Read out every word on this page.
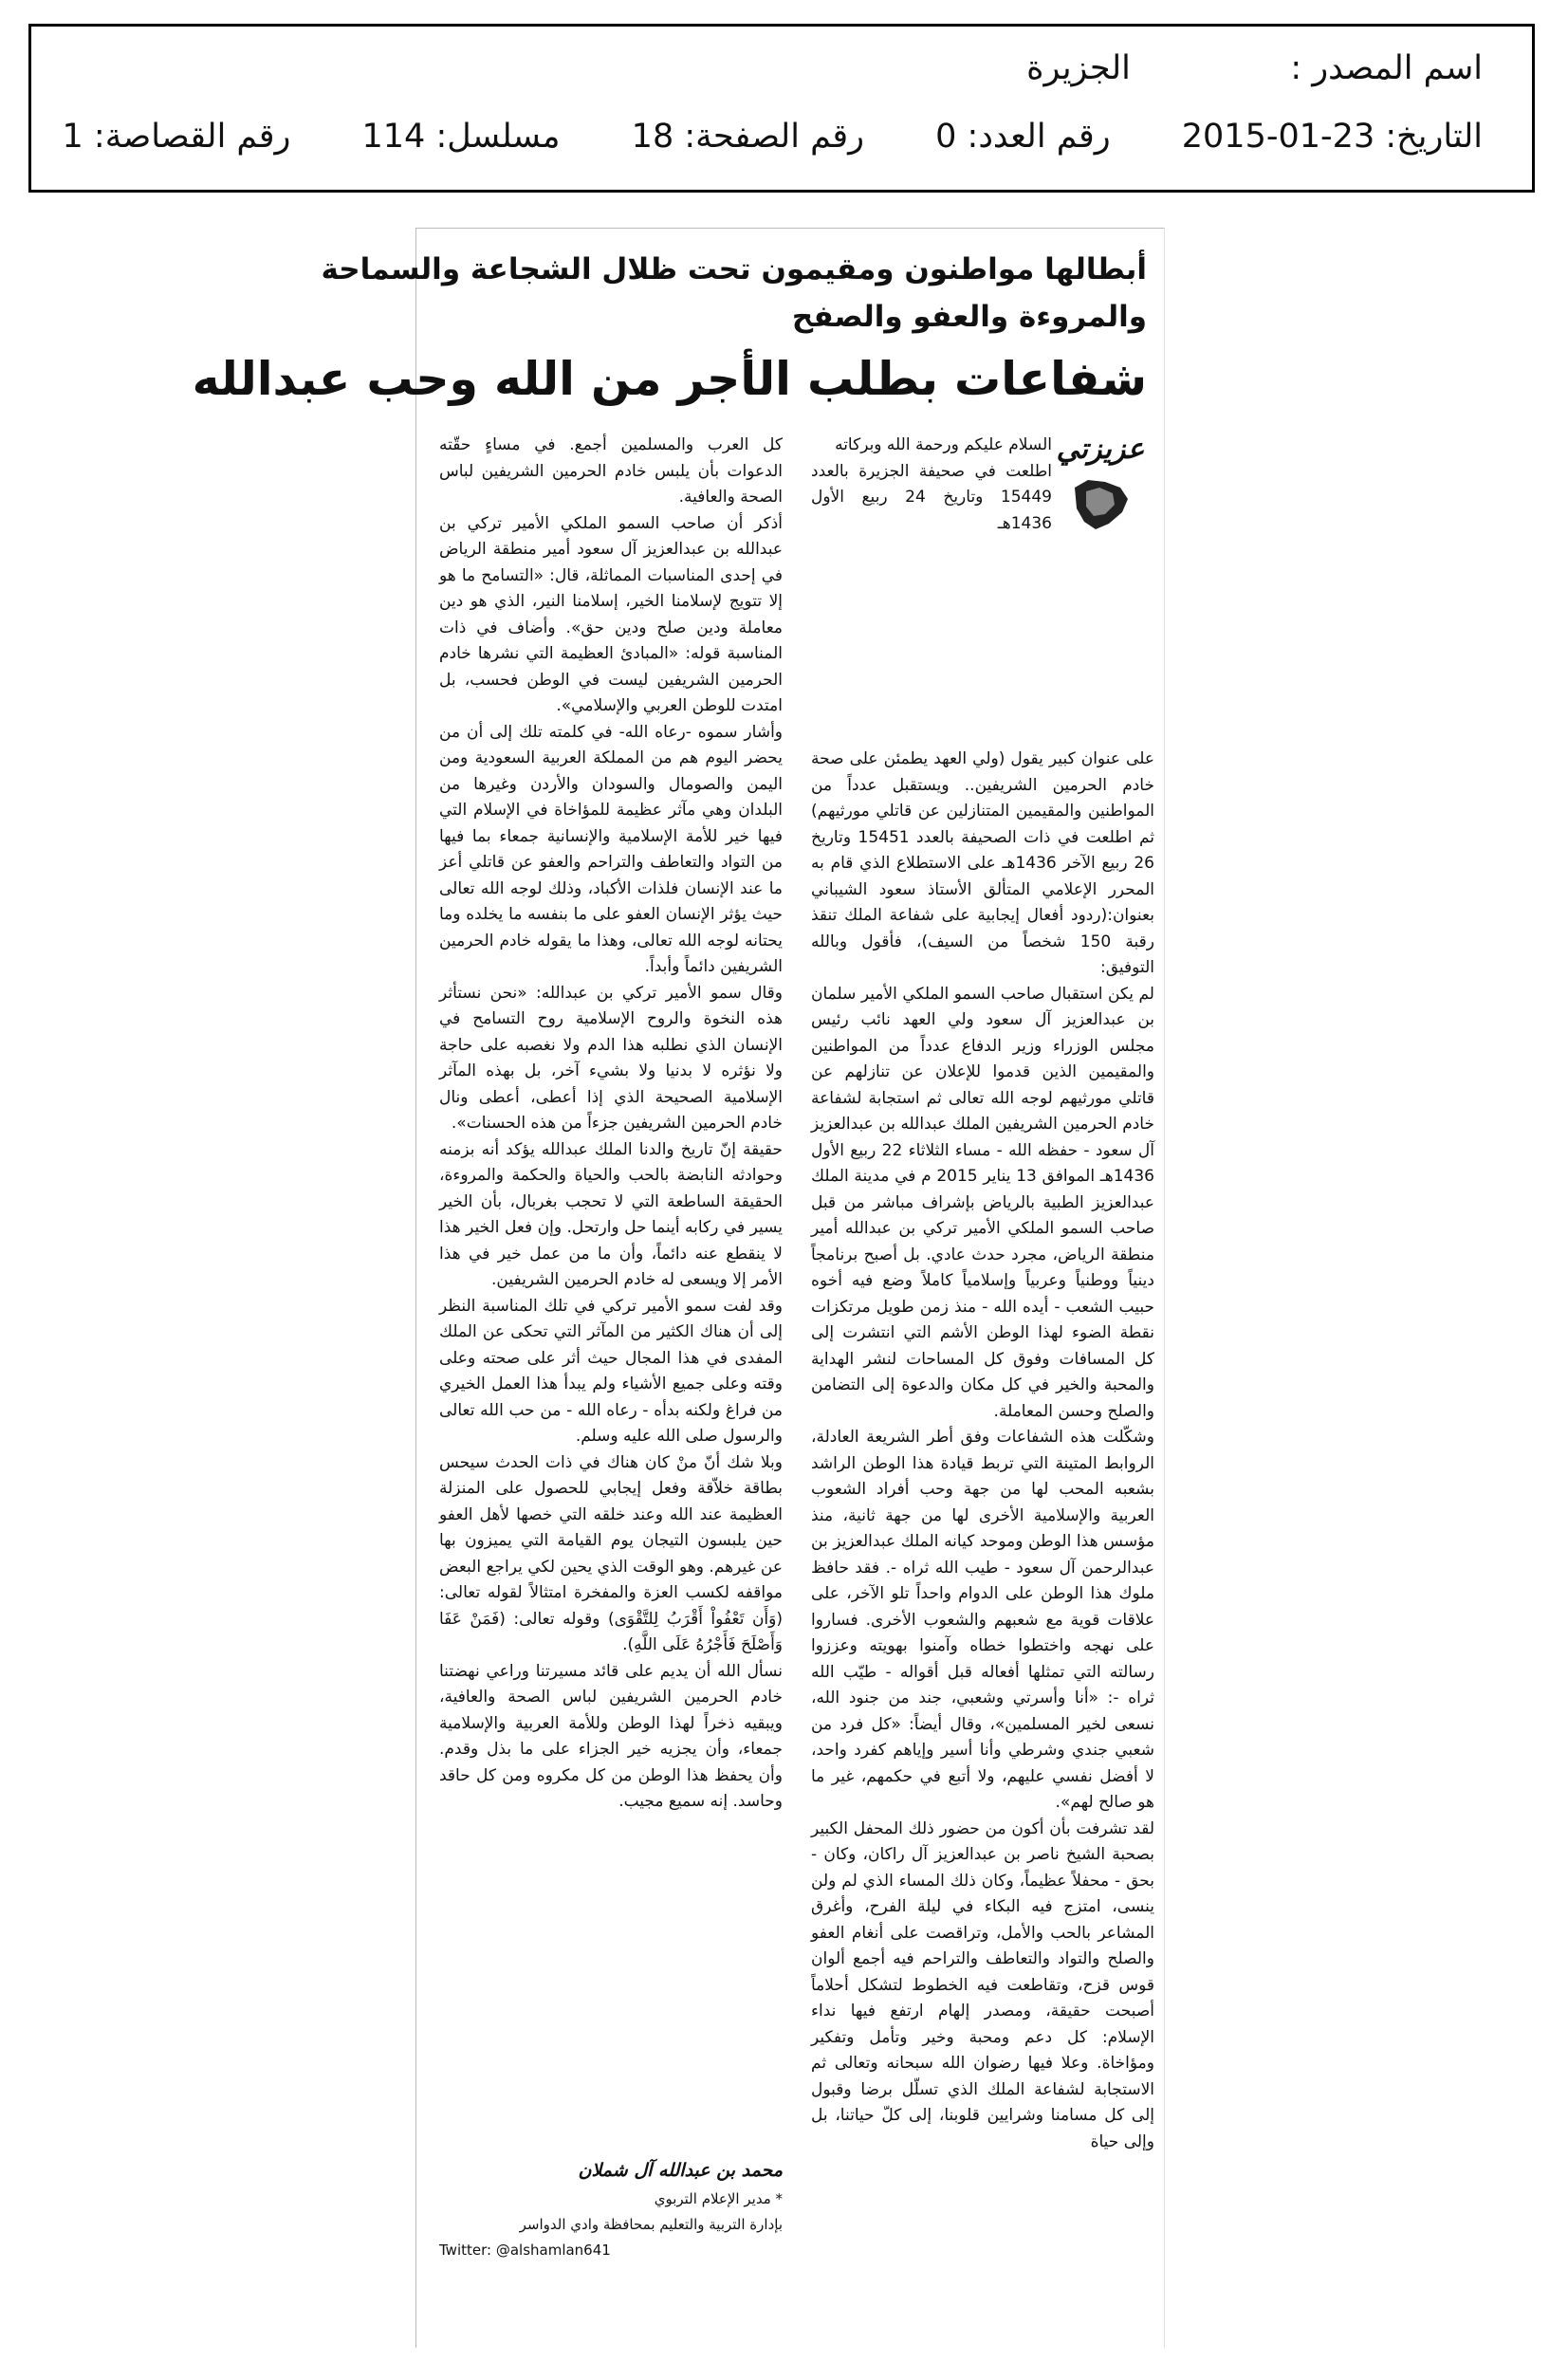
اسم المصدر : الجزيرة
التاريخ: 23-01-2015 رقم العدد: 0 رقم الصفحة: 18 مسلسل: 114 رقم القصاصة: 1
أبطالها مواطنون ومقيمون تحت ظلال الشجاعة والسماحة
والمروءة والعفو والصفح
شفاعات بطلب الأجر من الله وحب عبدالله
عزيزتي

السلام عليكم ورحمة الله وبركاته

اطلعت في صحيفة الجزيرة بالعدد 15449 وتاريخ 24 ربيع الأول 1436هـ

على عنوان كبير يقول (ولي العهد يطمئن على صحة خادم الحرمين الشريفين.. ويستقبل عدداً من المواطنين والمقيمين المتنازلين عن قاتلي مورثيهم) ثم اطلعت في ذات الصحيفة بالعدد 15451 وتاريخ 26 ربيع الآخر 1436هـ على الاستطلاع الذي قام به المحرر الإعلامي المتألق الأستاذ سعود الشيباني بعنوان:(ردود أفعال إيجابية على شفاعة الملك تنقذ رقبة 150 شخصاً من السيف)، فأقول وبالله التوفيق:

لم يكن استقبال صاحب السمو الملكي الأمير سلمان بن عبدالعزيز آل سعود ولي العهد نائب رئيس مجلس الوزراء وزير الدفاع عدداً من المواطنين والمقيمين الذين قدموا للإعلان عن تنازلهم عن قاتلي مورثيهم لوجه الله تعالى ثم استجابة لشفاعة خادم الحرمين الشريفين الملك عبدالله بن عبدالعزيز آل سعود - حفظه الله - مساء الثلاثاء 22 ربيع الأول 1436هـ الموافق 13 يناير 2015 م في مدينة الملك عبدالعزيز الطبية بالرياض بإشراف مباشر من قبل صاحب السمو الملكي الأمير تركي بن عبدالله أمير منطقة الرياض، مجرد حدث عادي. بل أصبح برنامجاً دينياً ووطنياً وعربياً وإسلامياً كاملاً وضع فيه أخوه حبيب الشعب - أيده الله - منذ زمن طويل مرتكزات نقطة الضوء لهذا الوطن الأشم التي انتشرت إلى كل المسافات وفوق كل المساحات لنشر الهداية والمحبة والخير في كل مكان والدعوة إلى التضامن والصلح وحسن المعاملة.

وشكّلت هذه الشفاعات وفق أطر الشريعة العادلة، الروابط المتينة التي تربط قيادة هذا الوطن الراشد بشعبه المحب لها من جهة وحب أفراد الشعوب العربية والإسلامية الأخرى لها من جهة ثانية، منذ مؤسس هذا الوطن وموحد كيانه الملك عبدالعزيز بن عبدالرحمن آل سعود - طيب الله ثراه -. فقد حافظ ملوك هذا الوطن على الدوام واحداً تلو الآخر، على علاقات قوية مع شعبهم والشعوب الأخرى. فساروا على نهجه واختطوا خطاه وآمنوا بهويته وعززوا رسالته التي تمثلها أفعاله قبل أقواله - طيّب الله ثراه -: «أنا وأسرتي وشعبي، جند من جنود الله، نسعى لخير المسلمين»، وقال أيضاً: «كل فرد من شعبي جندي وشرطي وأنا أسير وإياهم كفرد واحد، لا أفضل نفسي عليهم، ولا أتبع في حكمهم، غير ما هو صالح لهم».

لقد تشرفت بأن أكون من حضور ذلك المحفل الكبير بصحبة الشيخ ناصر بن عبدالعزيز آل راكان، وكان - بحق - محفلاً عظيماً، وكان ذلك المساء الذي لم ولن ينسى، امتزج فيه البكاء في ليلة الفرح، وأغرق المشاعر بالحب والأمل، وتراقصت على أنغام العفو والصلح والتواد والتعاطف والتراحم فيه أجمع ألوان قوس قزح، وتقاطعت فيه الخطوط لتشكل أحلاماً أصبحت حقيقة، ومصدر إلهام ارتفع فيها نداء الإسلام: كل دعم ومحبة وخير وتأمل وتفكير ومؤاخاة. وعلا فيها رضوان الله سبحانه وتعالى ثم الاستجابة لشفاعة الملك الذي تسلّل برضا وقبول إلى كل مسامنا وشرايين قلوبنا، إلى كلّ حياتنا، بل وإلى حياة

كل العرب والمسلمين أجمع. في مساءٍ حقّته الدعوات بأن يلبس خادم الحرمين الشريفين لباس الصحة والعافية.

أذكر أن صاحب السمو الملكي الأمير تركي بن عبدالله بن عبدالعزيز آل سعود أمير منطقة الرياض في إحدى المناسبات المماثلة، قال: «التسامح ما هو إلا تتويج لإسلامنا الخير، إسلامنا النير، الذي هو دين معاملة ودين صلح ودين حق». وأضاف في ذات المناسبة قوله: «المبادئ العظيمة التي نشرها خادم الحرمين الشريفين ليست في الوطن فحسب، بل امتدت للوطن العربي والإسلامي».

وأشار سموه -رعاه الله- في كلمته تلك إلى أن من يحضر اليوم هم من المملكة العربية السعودية ومن اليمن والصومال والسودان والأردن وغيرها من البلدان وهي مآثر عظيمة للمؤاخاة في الإسلام التي فيها خير للأمة الإسلامية والإنسانية جمعاء بما فيها من التواد والتعاطف والتراحم والعفو عن قاتلي أعز ما عند الإنسان فلذات الأكباد، وذلك لوجه الله تعالى حيث يؤثر الإنسان العفو على ما بنفسه ما يخلده وما يحتانه لوجه الله تعالى، وهذا ما يقوله خادم الحرمين الشريفين دائماً وأبداً.

وقال سمو الأمير تركي بن عبدالله: «نحن نستأثر هذه النخوة والروح الإسلامية روح التسامح في الإنسان الذي نطلبه هذا الدم ولا نغصبه على حاجة ولا نؤثره لا بدنيا ولا بشيء آخر، بل بهذه المآثر الإسلامية الصحيحة الذي إذا أعطى، أعطى ونال خادم الحرمين الشريفين جزءاً من هذه الحسنات».

حقيقة إنّ تاريخ والدنا الملك عبدالله يؤكد أنه بزمنه وحوادثه النابضة بالحب والحياة والحكمة والمروءة، الحقيقة الساطعة التي لا تحجب بغربال، بأن الخير يسير في ركابه أينما حل وارتحل. وإن فعل الخير هذا لا ينقطع عنه دائماً، وأن ما من عمل خير في هذا الأمر إلا ويسعى له خادم الحرمين الشريفين.

وقد لفت سمو الأمير تركي في تلك المناسبة النظر إلى أن هناك الكثير من المآثر التي تحكى عن الملك المفدى في هذا المجال حيث أثر على صحته وعلى وقته وعلى جميع الأشياء ولم يبدأ هذا العمل الخيري من فراغ ولكنه بدأه - رعاه الله - من حب الله تعالى والرسول صلى الله عليه وسلم.

وبلا شك أنّ منْ كان هناك في ذات الحدث سيحس بطاقة خلاّقة وفعل إيجابي للحصول على المنزلة العظيمة عند الله وعند خلقه التي خصها لأهل العفو حين يلبسون التيجان يوم القيامة التي يميزون بها عن غيرهم. وهو الوقت الذي يحين لكي يراجع البعض مواقفه لكسب العزة والمفخرة امتثالاً لقوله تعالى: (وَأَن تَعْفُواْ أَقْرَبُ لِلتَّقْوَى) وقوله تعالى: (فَمَنْ عَفَا وَأَصْلَحَ فَأَجْرُهُ عَلَى اللَّهِ).

نسأل الله أن يديم على قائد مسيرتنا وراعي نهضتنا خادم الحرمين الشريفين لباس الصحة والعافية، ويبقيه ذخراً لهذا الوطن وللأمة العربية والإسلامية جمعاء، وأن يجزيه خير الجزاء على ما بذل وقدم. وأن يحفظ هذا الوطن من كل مكروه ومن كل حاقد وحاسد. إنه سميع مجيب.

محمد بن عبدالله آل شملان
* مدير الإعلام التربوي
بإدارة التربية والتعليم بمحافظة وادي الدواسر
Twitter: @alshamlan641
